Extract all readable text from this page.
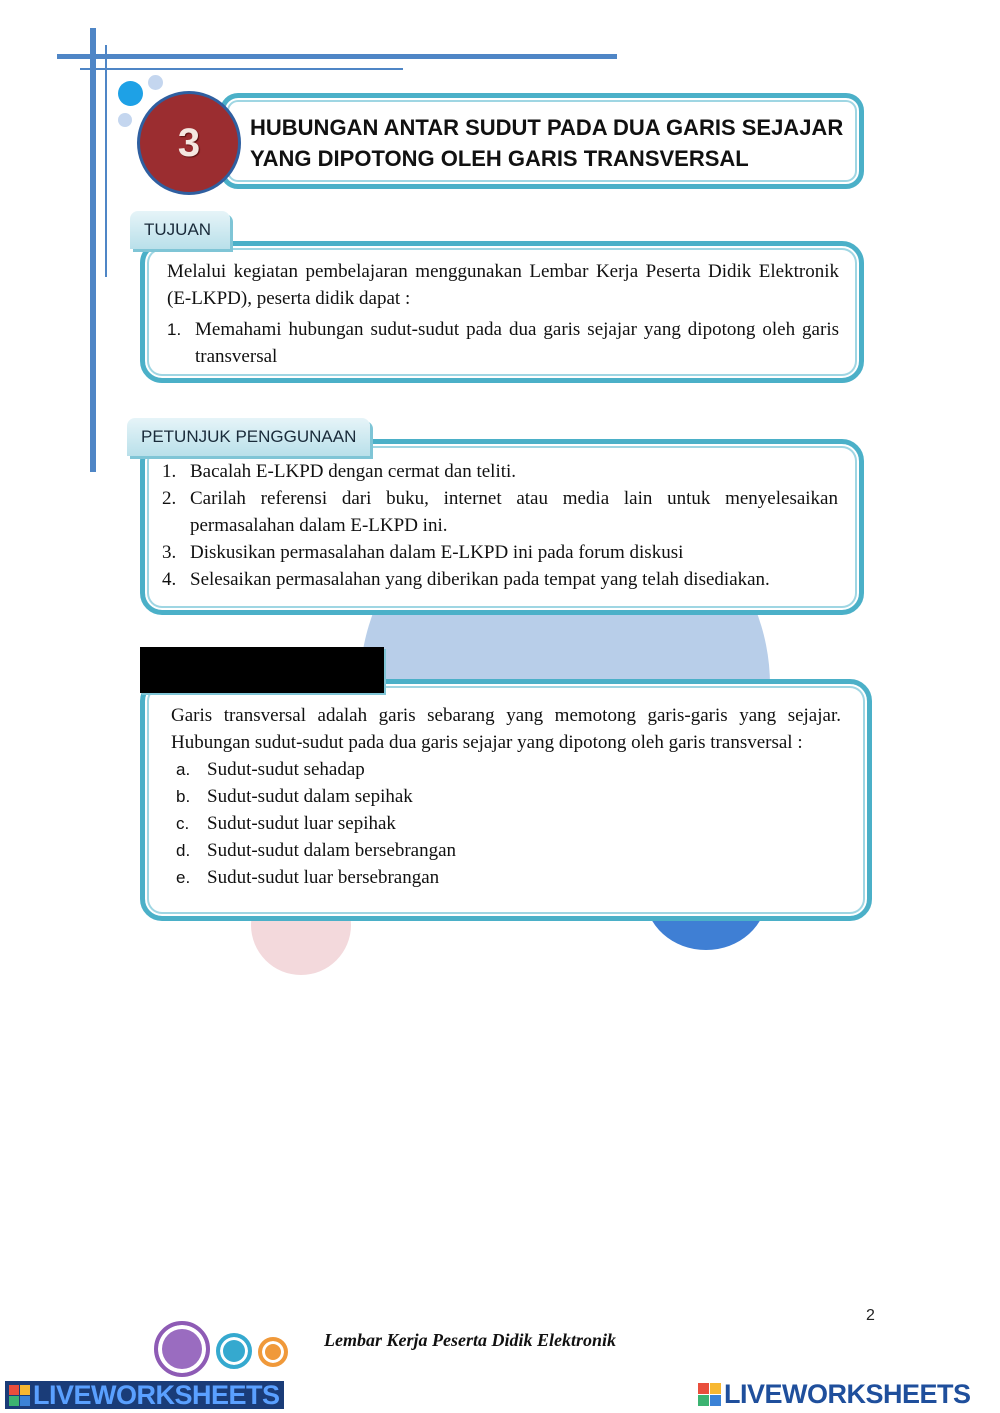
3 HUBUNGAN ANTAR SUDUT PADA DUA GARIS SEJAJAR
YANG DIPOTONG OLEH GARIS TRANSVERSAL
TUJUAN
Melalui kegiatan pembelajaran menggunakan Lembar Kerja Peserta Didik Elektronik (E-LKPD), peserta didik dapat :
1. Memahami hubungan sudut-sudut pada dua garis sejajar yang dipotong oleh garis transversal
PETUNJUK PENGGUNAAN
1. Bacalah E-LKPD dengan cermat dan teliti.
2. Carilah referensi dari buku, internet atau media lain untuk menyelesaikan permasalahan dalam E-LKPD ini.
3. Diskusikan permasalahan dalam E-LKPD ini pada forum diskusi
4. Selesaikan permasalahan yang diberikan pada tempat yang telah disediakan.
Garis transversal adalah garis sebarang yang memotong garis-garis yang sejajar. Hubungan sudut-sudut pada dua garis sejajar yang dipotong oleh garis transversal :
a. Sudut-sudut sehadap
b. Sudut-sudut dalam sepihak
c. Sudut-sudut luar sepihak
d. Sudut-sudut dalam bersebrangan
e. Sudut-sudut luar bersebrangan
2
Lembar Kerja Peserta Didik Elektronik
LIVEWORKSHEETS	LIVEWORKSHEETS
